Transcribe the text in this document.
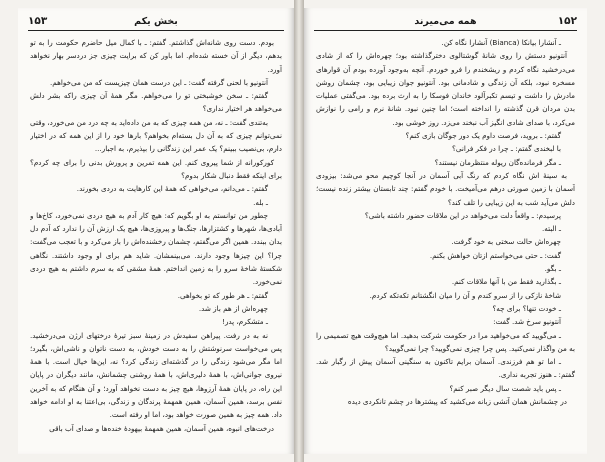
۱۵۳	بخش یکم

بودم. دست روی شانه‌اش گذاشتم. گفتم: ـ با کمال میل حاضرم حکومت را به تو بدهم، دیگر از آن خسته شده‌ام. اما باور کن که برایت چیزی جز دردسر بهار نخواهد آورد.

آنتونیو با لحنی گرفته گفت: ـ این درست همان چیزیست که من می‌خواهم.

گفتم: ـ سخن خوشبختی تو را می‌خواهم. مگر همهٔ آن چیزی راکه بشر دلش می‌خواهد هر اختیار نداری؟

به‌تندی گفت: ـ نه، من همه چیزی که به من داده‌اید به چه درد من می‌خورد، وقتی نمی‌توانم چیزی که به آن دل بسته‌ام بخواهم؟ بارها خود را از این همه که در اختیار دارم، بی‌نصیب ببینم؟ یک عمر این زندگانی را بپذیرم، به اجبار...

کورکورانه از شما پیروی کنم. این همه تمرین و پرورش بدنی را برای چه کردم؟ برای اینکه فقط دنبال شکار بدوم؟

گفتم: ـ می‌دانم، می‌خواهی که همهٔ این کارهایت به دردی بخورند.

ـ بله.

چطور من توانستم به او بگویم که: هیچ کار آدم به هیچ دردی نمی‌خورد، کاخ‌ها و آبادی‌ها، شهرها و کشتزارها، جنگ‌ها و پیروزی‌ها، هیچ یک ارزش آن را ندارد که آدم دل بدان ببندد. همین اگر می‌گفتم، چشمان رخشنده‌اش را باز می‌کرد و با تعجب می‌گفت: چرا؟ این چیزها وجود دارند. می‌بینمشان. شاید هم برای او وجود داشتند. نگاهی شکستهٔ شاخهٔ سرو را به زمین انداختم. همهٔ مشقی که به سرم داشتم به هیچ دردی نمی‌خورد.

گفتم: ـ هر طور که تو بخواهی.

چهره‌اش از هم باز شد.

ـ متشکرم، پدر!

نه به در رفت. پیراهن سفیدش در زمینهٔ سبز تیرهٔ درختهای ارژن می‌درخشید. پس می‌خواست سرنوشتش را به دست خودش، به دست ناتوان و ناشی‌اش، بگیرد؛ اما مگر می‌شود زندگی را در گذشته‌ای زندگی کرد؟ نه، این‌ها خیال است. با همهٔ نیروی جوانی‌اش، با همهٔ دلیری‌اش، با همهٔ روشنی چشمانش، مانند دیگران در پایان این راه، در پایان همهٔ آرزوها، هیچ چیز به دست نخواهد آورد؛ و آن هنگام که به آخرین نفس برسد، همین آسمان، همین همهمهٔ پرندگان و زندگی، بی‌اعتنا به او ادامه خواهد داد. همه چیز به همین صورت خواهد بود، اما او رفته است.

درخت‌های انبوه، همین آسمان، همین همهمهٔ بیهودهٔ خنده‌ها و صدای آب باقی

۱۵۲
همه می‌میرند

ـ آنشارا بیانکا (Bianca) آنشارا نگاه کن.

آنتونیو دستش را روی شانهٔ گوشتالوی دخترگذاشته بود؛ چهره‌اش را که از شادی می‌درخشید نگاه کردم و ریشخندم را فرو خوردم. آنچه به‌وجود آورده بودم آن قوارهای مسخره نبود، بلکه آن زندگی و شادمانی بود. آنتونیو جوان زیبایی بود، چشمان روشن مادرش را داشت و تیسم تکبرآلود خاندان فوسکا را به ارث برده بود. می‌گفتی عملیات بدن مردان قرن گذشته را انداخته است؛ اما چنین نبود. شانهٔ نرم و رامی را نوازش می‌کرد، با صدای شادی انگیز آب نبخند می‌زد. روز خوشی بود.

گفتم: ـ بروید، فرصت داوم یک دور جوگان بازی کنم؟

با لبخندی گفتم: ـ چرا در فکر فرانی؟

ـ مگر فرمانده‌گان ریوله منتظرمان نیستند؟

به سینهٔ اش نگاه کردم که رنگ آبی آسمان در آنجا کوچیم محو می‌شد: بیزودی آسمان با زمین صورتی درهم می‌آمیخت. با خودم گفتم: چند تابستان بیشتر زنده نیست؛ دلش می‌آید شب به این زیبایی را تلف کند؟

پرسیدم: ـ واقعاً دلت می‌خواهد در این ملاقات حضور داشته باشی؟

ـ البته.

چهره‌اش حالت سختی به خود گرفت.

گفت: ـ حتی می‌خواستم ازتان خواهش بکنم.

ـ بگو.

ـ بگذارید فقط من با آنها ملاقات کنم.

شاخهٔ نازکی را از سرو کندم و آن را میان انگشتانم تکه‌تکه کردم.

ـ خودت تنها؟ برای چه؟

آنتونیو سرخ شد. گفت:

ـ می‌گویید که می‌خواهید مرا در حکومت شرکت بدهید. اما هیچ‌وقت هیچ تصمیمی را به من واگذار نمی‌کنید. پس چرا چیزی نمی‌گویید؟ چرا نمی‌گویید؟

ـ اما تو هم فرزندی. آسمان برایم تاکنون به سنگینی آسمان پیش از رگبار شد. گفتم: ـ هنوز تجربه نداری.

ـ پس باید شصت سال دیگر صبر کنم؟

در چشمانش همان آتشی زبانه می‌کشید که پیشترها در چشم تانکردی دیده
